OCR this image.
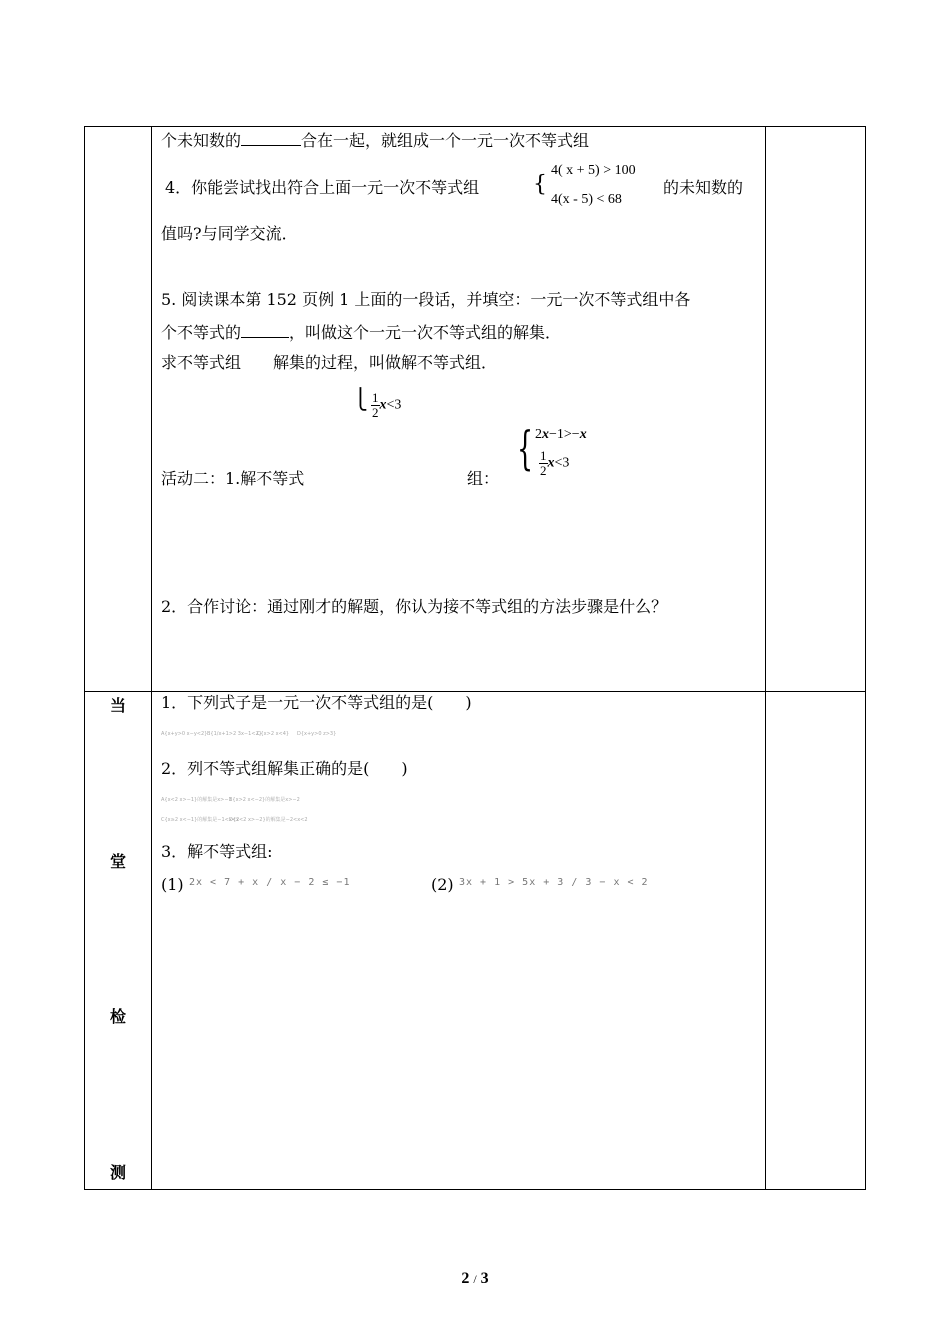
个未知数的	合在一起，就组成一个一元一次不等式组
4．你能尝试找出符合上面一元一次不等式组 {
4( x + 5) > 100
4(x - 5) < 68
的未知数的
值吗?与同学交流．
5. 阅读课本第 152 页例 1 上面的一段话，并填空：一元一次不等式组中各
个不等式的	，叫做这个一元一次不等式组的解集．
求不等式组　　解集的过程，叫做解不等式组．
⎩ $\frac{1}{2} x<3$
活动二：1.解不等式	组：
{ 2x−1>−x
$\frac{1}{2} x<3$
2．合作讨论：通过刚才的解题，你认为接不等式组的方法步骤是什么？
当
堂
检
测
1．下列式子是一元一次不等式组的是(　　)
A{x+y>0 x−y<2} B{1/x+1>2 3x−1<2}
C{x>2 x<4} D{x+y>0 z>3}
2．列不等式组解集正确的是(　　)
A{x<2 x>−1}的解集是x>−1
B{x>2 x<−2}的解集是x>−2
C{x≥2 x<−1}的解集是−1<x<2
D{x<2 x>−2}的解集是−2<x<2
3．解不等式组:
(1) 2x < 7 + x / x − 2 ≤ −1	(2) 3x + 1 > 5x + 3 / 3 − x < 2
2 / 3
